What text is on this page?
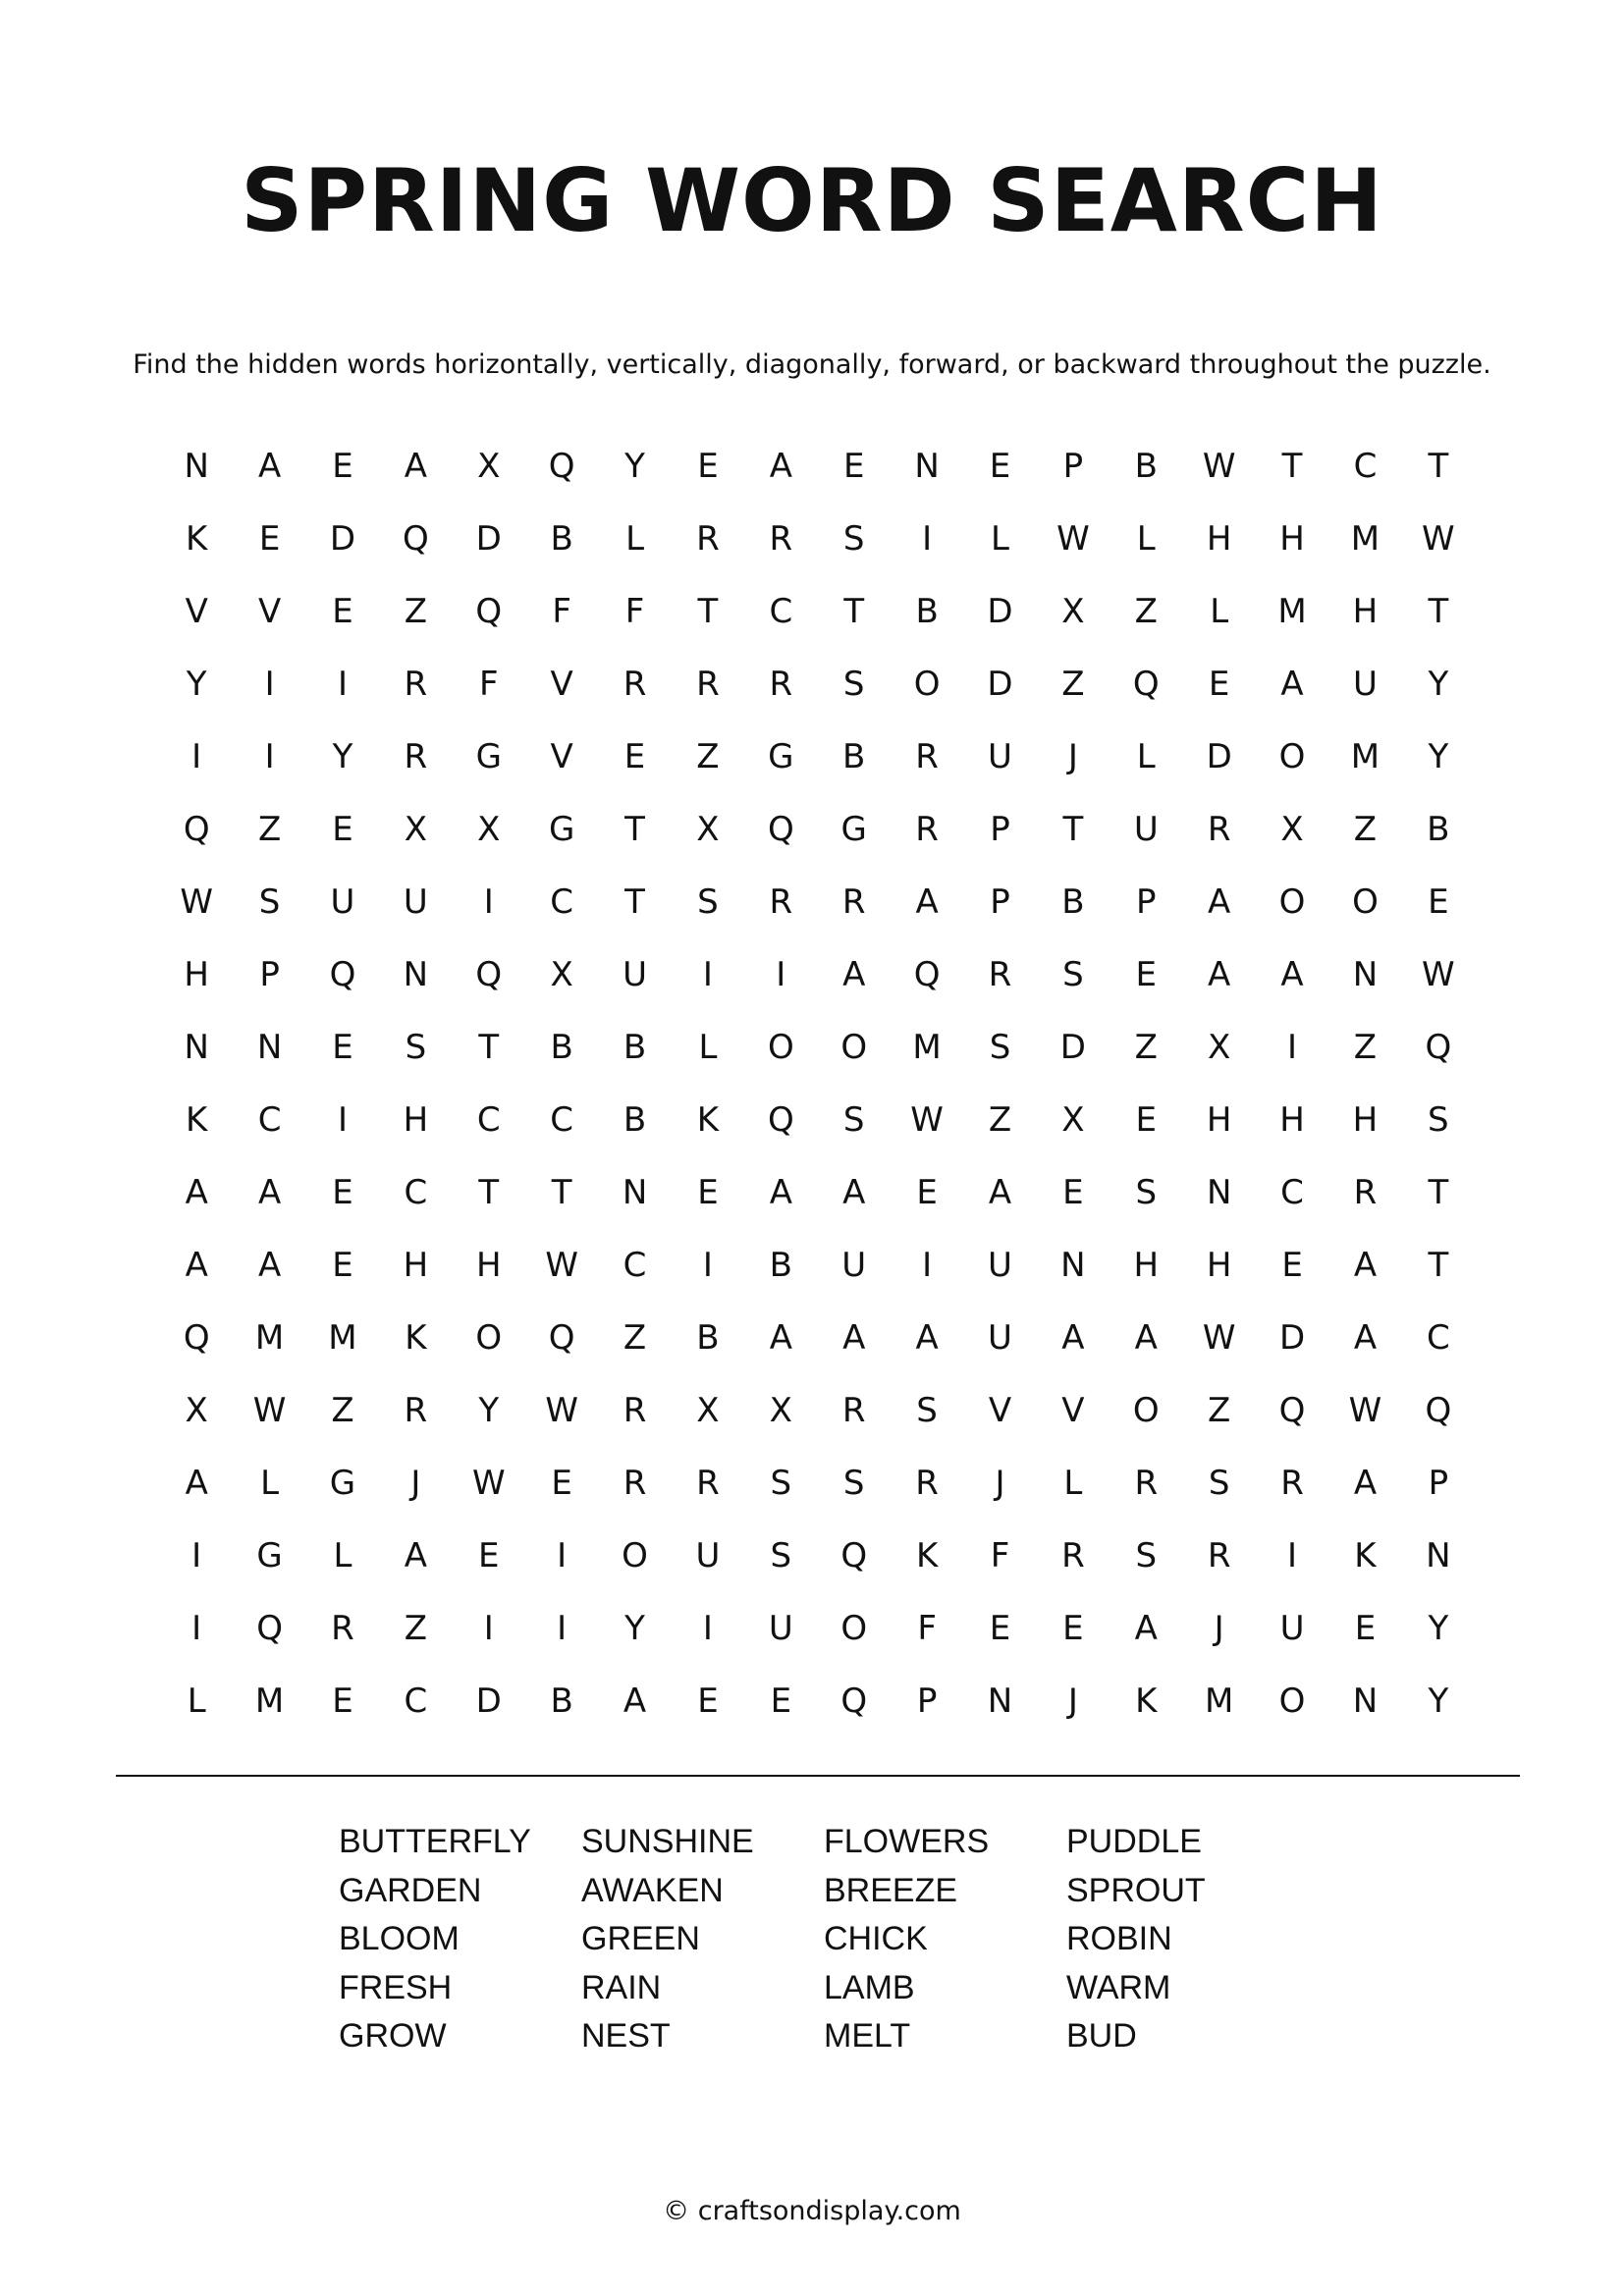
SPRING WORD SEARCH

Find the hidden words horizontally, vertically, diagonally, forward, or backward throughout the puzzle.

N	A	E	A	X	Q	Y	E	A	E	N	E	P	B	W	T	C	T
K	E	D	Q	D	B	L	R	R	S	I	L	W	L	H	H	M	W
V	V	E	Z	Q	F	F	T	C	T	B	D	X	Z	L	M	H	T
Y	I	I	R	F	V	R	R	R	S	O	D	Z	Q	E	A	U	Y
I	I	Y	R	G	V	E	Z	G	B	R	U	J	L	D	O	M	Y
Q	Z	E	X	X	G	T	X	Q	G	R	P	T	U	R	X	Z	B
W	S	U	U	I	C	T	S	R	R	A	P	B	P	A	O	O	E
H	P	Q	N	Q	X	U	I	I	A	Q	R	S	E	A	A	N	W
N	N	E	S	T	B	B	L	O	O	M	S	D	Z	X	I	Z	Q
K	C	I	H	C	C	B	K	Q	S	W	Z	X	E	H	H	H	S
A	A	E	C	T	T	N	E	A	A	E	A	E	S	N	C	R	T
A	A	E	H	H	W	C	I	B	U	I	U	N	H	H	E	A	T
Q	M	M	K	O	Q	Z	B	A	A	A	U	A	A	W	D	A	C
X	W	Z	R	Y	W	R	X	X	R	S	V	V	O	Z	Q	W	Q
A	L	G	J	W	E	R	R	S	S	R	J	L	R	S	R	A	P
I	G	L	A	E	I	O	U	S	Q	K	F	R	S	R	I	K	N
I	Q	R	Z	I	I	Y	I	U	O	F	E	E	A	J	U	E	Y
L	M	E	C	D	B	A	E	E	Q	P	N	J	K	M	O	N	Y
BUTTERFLY
GARDEN
BLOOM
FRESH
GROW
SUNSHINE
AWAKEN
GREEN
RAIN
NEST
FLOWERS
BREEZE
CHICK
LAMB
MELT
PUDDLE
SPROUT
ROBIN
WARM
BUD
© craftsondisplay.com
